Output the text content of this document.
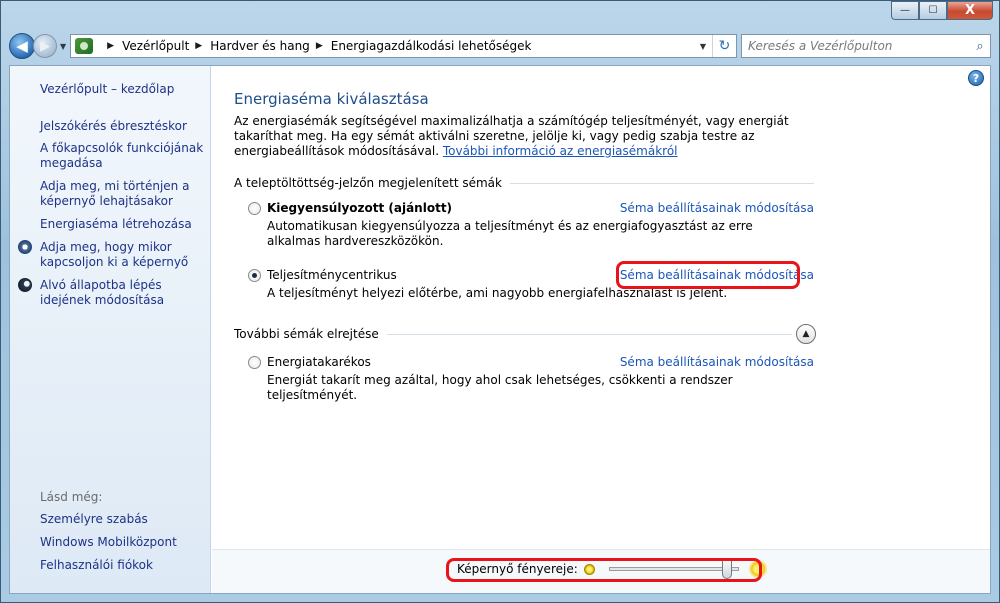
—	☐	X
◀ ▶ ▼	▶ Vezérlőpult ▶ Hardver és hang ▶ Energiagazdálkodási lehetőségek	▼ ↻
Keresés a Vezérlőpulton	⌕
Vezérlőpult – kezdőlap
Jelszókérés ébresztéskor
A főkapcsolók funkciójának megadása
Adja meg, mi történjen a képernyő lehajtásakor
Energiaséma létrehozása
Adja meg, hogy mikor kapcsoljon ki a képernyő
Alvó állapotba lépés idejének módosítása
Lásd még:
Személyre szabás
Windows Mobilközpont
Felhasználói fiókok
?
Energiaséma kiválasztása
Az energiasémák segítségével maximalizálhatja a számítógép teljesítményét, vagy energiát takaríthat meg. Ha egy sémát aktiválni szeretne, jelölje ki, vagy pedig szabja testre az energiabeállítások módosításával. További információ az energiasémákról
A teleptöltöttség-jelzőn megjelenített sémák
Kiegyensúlyozott (ajánlott)	Séma beállításainak módosítása
Automatikusan kiegyensúlyozza a teljesítményt és az energiafogyasztást az erre alkalmas hardvereszközökön.
Teljesítménycentrikus	Séma beállításainak módosítása
A teljesítményt helyezi előtérbe, ami nagyobb energiafelhasználást is jelent.
További sémák elrejtése	▲
Energiatakarékos	Séma beállításainak módosítása
Energiát takarít meg azáltal, hogy ahol csak lehetséges, csökkenti a rendszer teljesítményét.
Képernyő fényereje:
